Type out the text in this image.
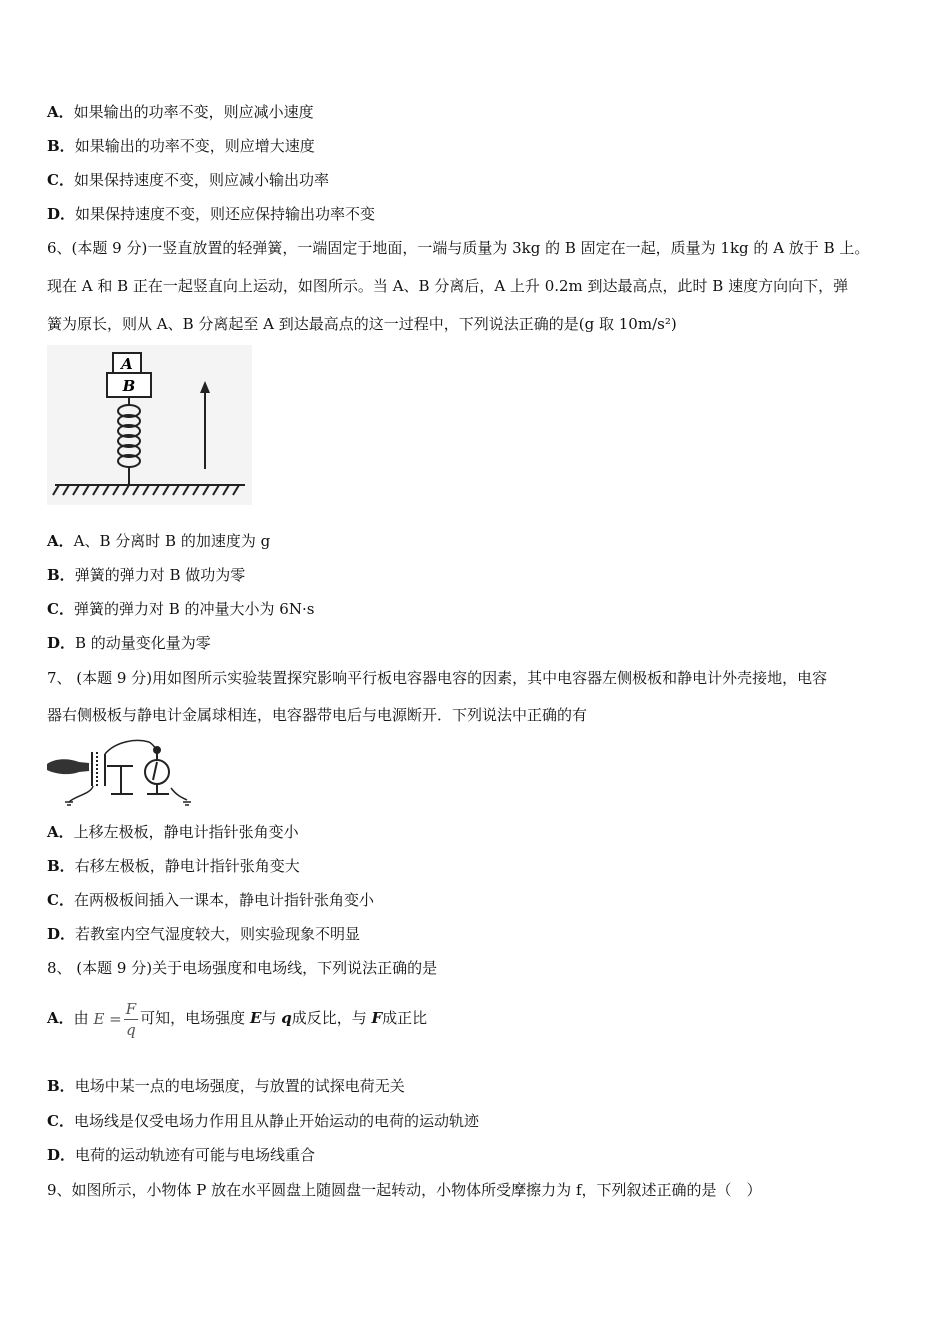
A．如果输出的功率不变，则应减小速度
B．如果输出的功率不变，则应增大速度
C．如果保持速度不变，则应减小输出功率
D．如果保持速度不变，则还应保持输出功率不变
6、(本题 9 分)一竖直放置的轻弹簧，一端固定于地面，一端与质量为 3kg 的 B 固定在一起，质量为 1kg 的 A 放于 B 上。
现在 A 和 B 正在一起竖直向上运动，如图所示。当 A、B 分离后，A 上升 0.2m 到达最高点，此时 B 速度方向向下，弹
簧为原长，则从 A、B 分离起至 A 到达最高点的这一过程中，下列说法正确的是(g 取 10m/s²)
A
B
A．A、B 分离时 B 的加速度为 g
B．弹簧的弹力对 B 做功为零
C．弹簧的弹力对 B 的冲量大小为 6N·s
D．B 的动量变化量为零
7、 (本题 9 分)用如图所示实验装置探究影响平行板电容器电容的因素，其中电容器左侧极板和静电计外壳接地，电容
器右侧极板与静电计金属球相连，电容器带电后与电源断开．下列说法中正确的有
A．上移左极板，静电计指针张角变小
B．右移左极板，静电计指针张角变大
C．在两极板间插入一课本，静电计指针张角变小
D．若教室内空气湿度较大，则实验现象不明显
8、 (本题 9 分)关于电场强度和电场线，下列说法正确的是
A．由 $E = \frac{F}{q}$ 可知，电场强度 E与 q成反比，与 F成正比
B．电场中某一点的电场强度，与放置的试探电荷无关
C．电场线是仅受电场力作用且从静止开始运动的电荷的运动轨迹
D．电荷的运动轨迹有可能与电场线重合
9、如图所示，小物体 P 放在水平圆盘上随圆盘一起转动，小物体所受摩擦力为 f，下列叙述正确的是（　）
